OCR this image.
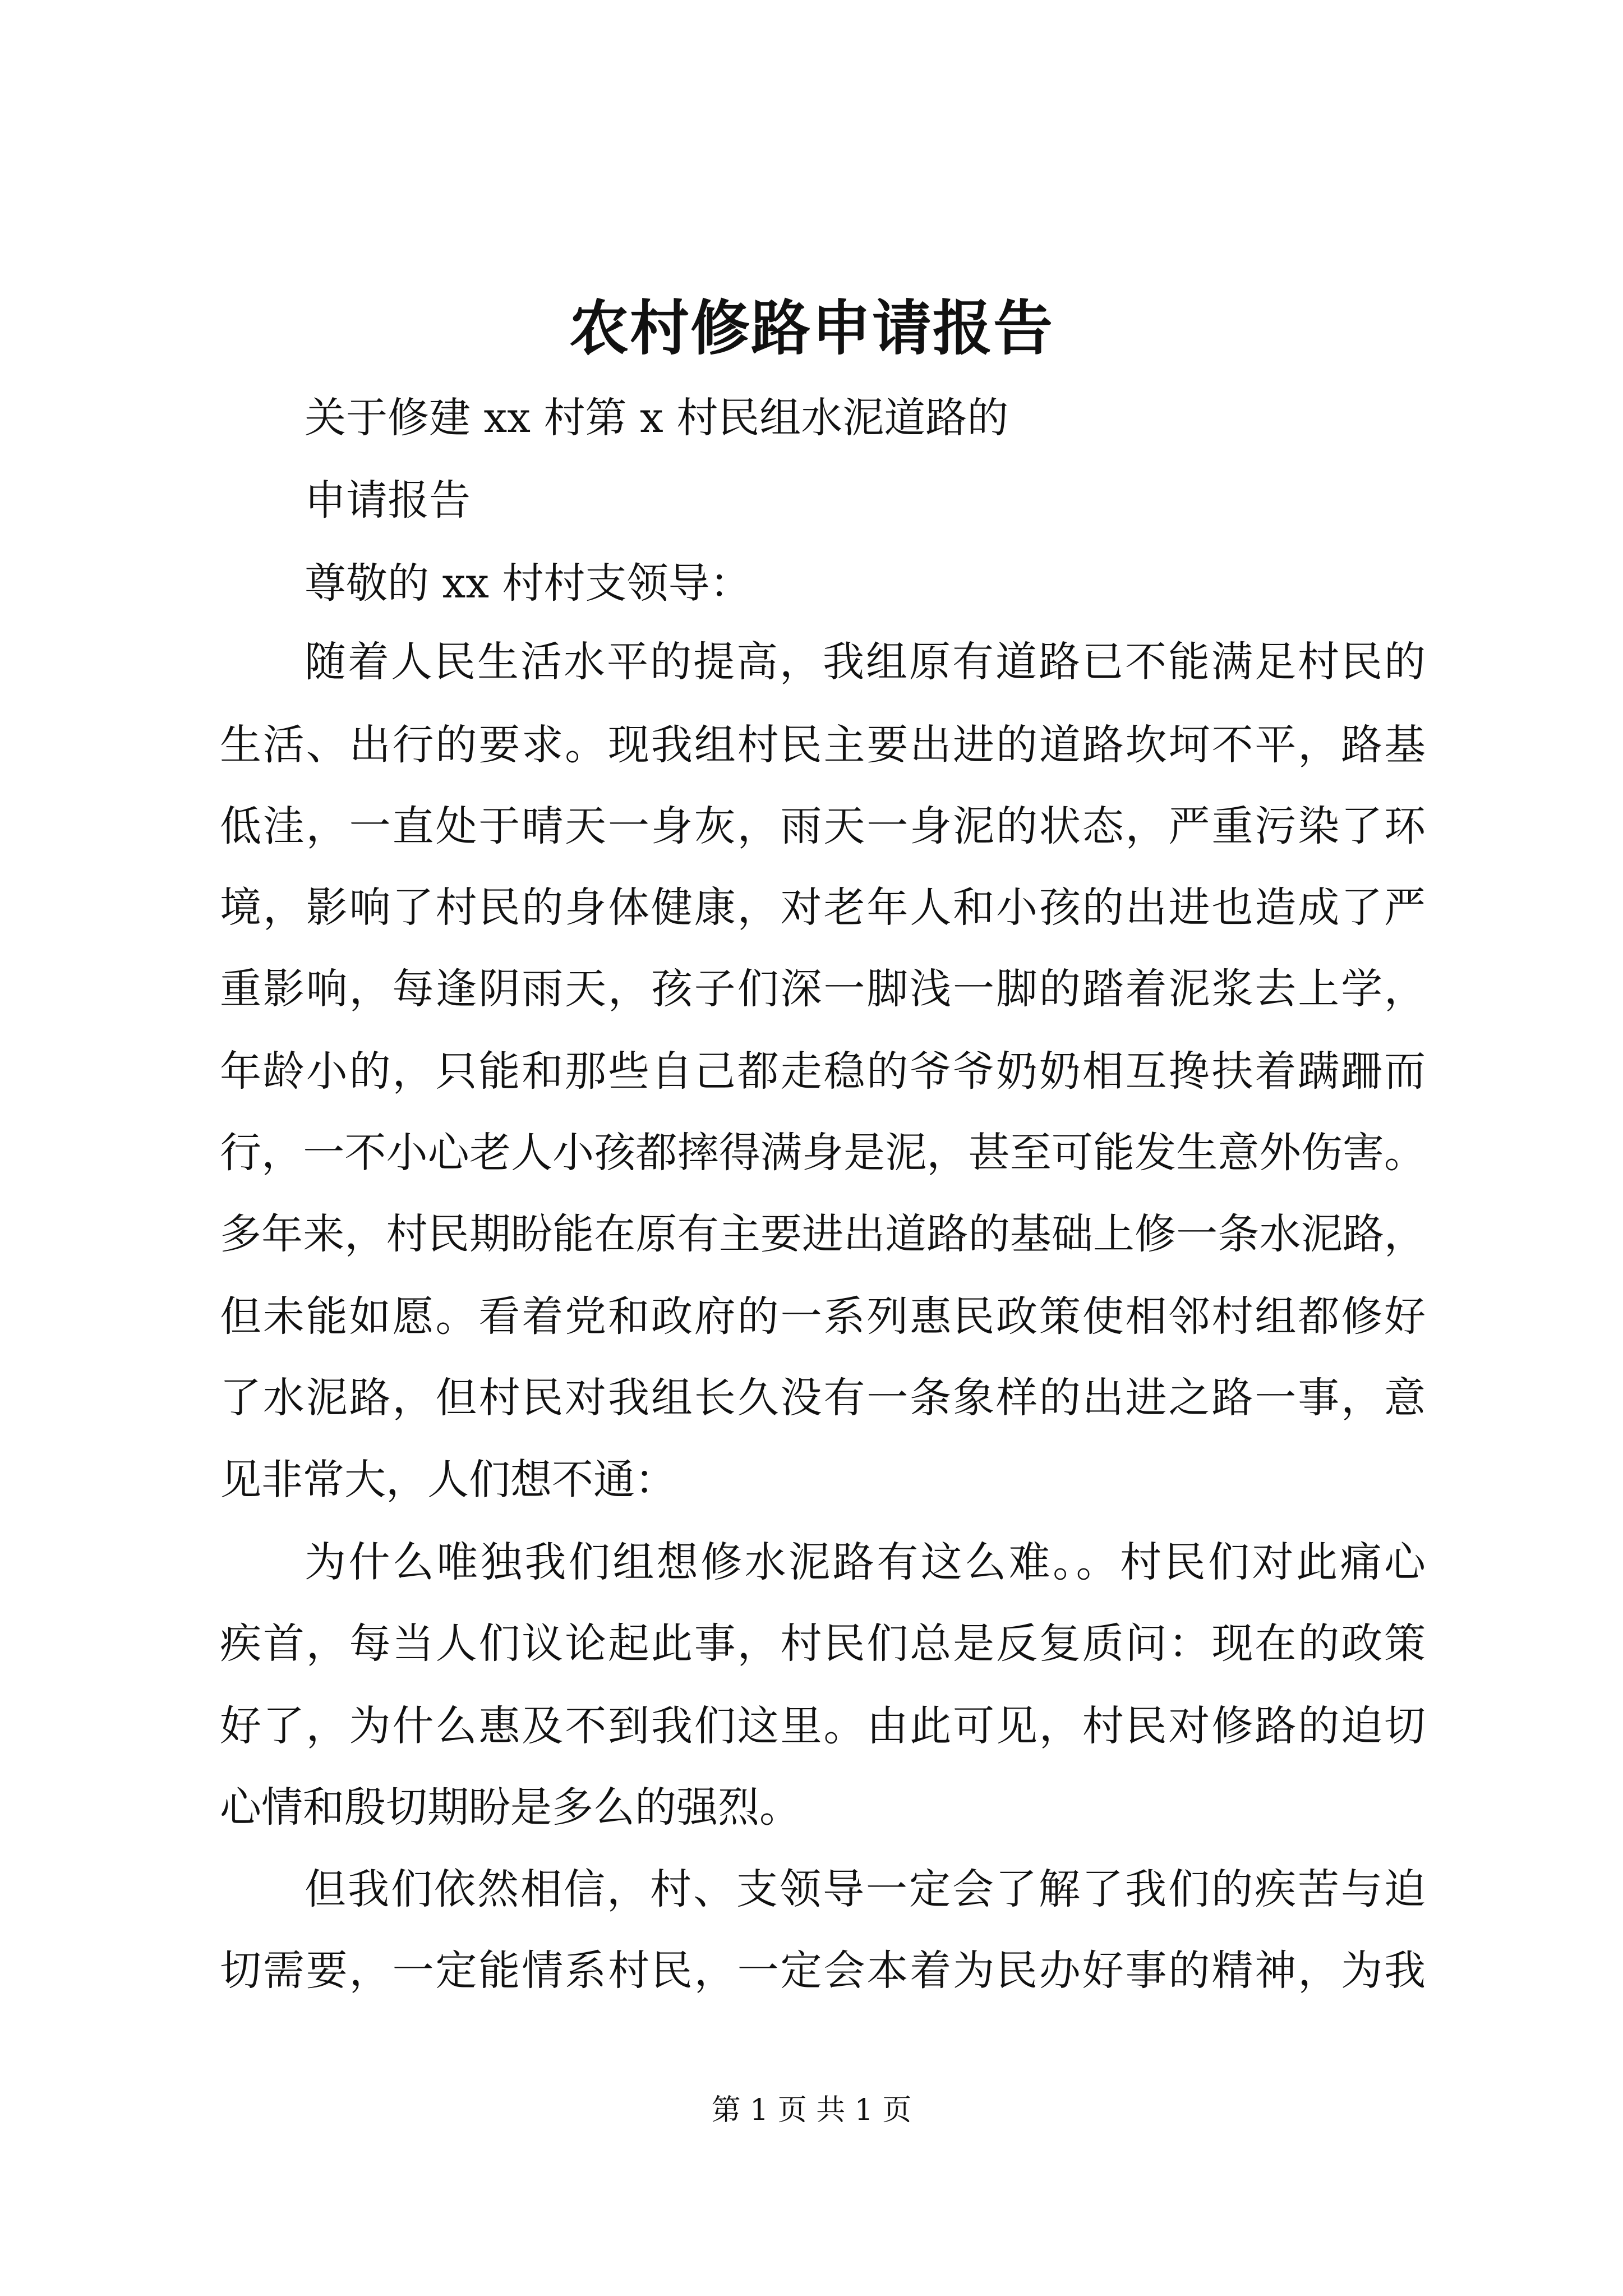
农村修路申请报告
关于修建 xx 村第 x 村民组水泥道路的
申请报告
尊敬的 xx 村村支领导：
随着人民生活水平的提高，我组原有道路已不能满足村民的
生活、出行的要求。现我组村民主要出进的道路坎坷不平，路基
低洼，一直处于晴天一身灰，雨天一身泥的状态，严重污染了环
境，影响了村民的身体健康，对老年人和小孩的出进也造成了严
重影响，每逢阴雨天，孩子们深一脚浅一脚的踏着泥浆去上学，
年龄小的，只能和那些自己都走稳的爷爷奶奶相互搀扶着蹒跚而
行，一不小心老人小孩都摔得满身是泥，甚至可能发生意外伤害。
多年来，村民期盼能在原有主要进出道路的基础上修一条水泥路，
但未能如愿。看着党和政府的一系列惠民政策使相邻村组都修好
了水泥路，但村民对我组长久没有一条象样的出进之路一事，意
见非常大，人们想不通：
为什么唯独我们组想修水泥路有这么难。。村民们对此痛心
疾首，每当人们议论起此事，村民们总是反复质问：现在的政策
好了，为什么惠及不到我们这里。由此可见，村民对修路的迫切
心情和殷切期盼是多么的强烈。
但我们依然相信，村、支领导一定会了解了我们的疾苦与迫
切需要，一定能情系村民，一定会本着为民办好事的精神，为我
第 1 页 共 1 页
